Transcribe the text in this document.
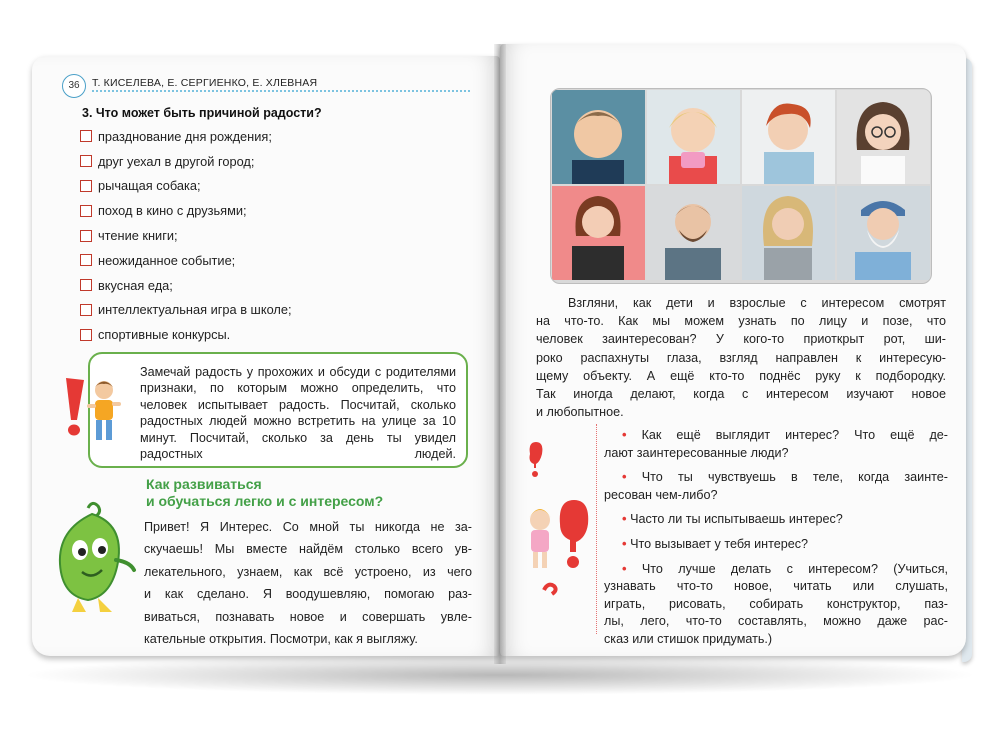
36	Т. КИСЕЛЕВА, Е. СЕРГИЕНКО, Е. ХЛЕВНАЯ
3. Что может быть причиной радости?
празднование дня рождения;
друг уехал в другой город;
рычащая собака;
поход в кино с друзьями;
чтение книги;
неожиданное событие;
вкусная еда;
интеллектуальная игра в школе;
спортивные конкурсы.

Замечай радость у прохожих и обсуди с родителями признаки, по которым можно определить, что человек испытывает радость. Посчитай, сколько радостных людей можно встретить на улице за 10 минут. Посчитай, сколько за день ты увидел радостных людей.

Как развиваться
и обучаться легко и с интересом?
Привет! Я Интерес. Со мной ты никогда не за-
скучаешь! Мы вместе найдём столько всего ув-
лекательного, узнаем, как всё устроено, из чего
и как сделано. Я воодушевляю, помогаю раз-
виваться, познавать новое и совершать увле-
кательные открытия. Посмотри, как я выгляжу.
Взгляни, как дети и взрослые с интересом смотрят
на что-то. Как мы можем узнать по лицу и позе, что
человек заинтересован? У кого-то приоткрыт рот, ши-
роко распахнуты глаза, взгляд направлен к интересую-
щему объекту. А ещё кто-то поднёс руку к подбородку.
Так иногда делают, когда с интересом изучают новое
и любопытное.
• Как ещё выглядит интерес? Что ещё де-
лают заинтересованные люди?
• Что ты чувствуешь в теле, когда заинте-
ресован чем-либо?
• Часто ли ты испытываешь интерес?
• Что вызывает у тебя интерес?
• Что лучше делать с интересом? (Учиться,
узнавать что-то новое, читать или слушать,
играть, рисовать, собирать конструктор, паз-
лы, лего, что-то составлять, можно даже рас-
сказ или стишок придумать.)
